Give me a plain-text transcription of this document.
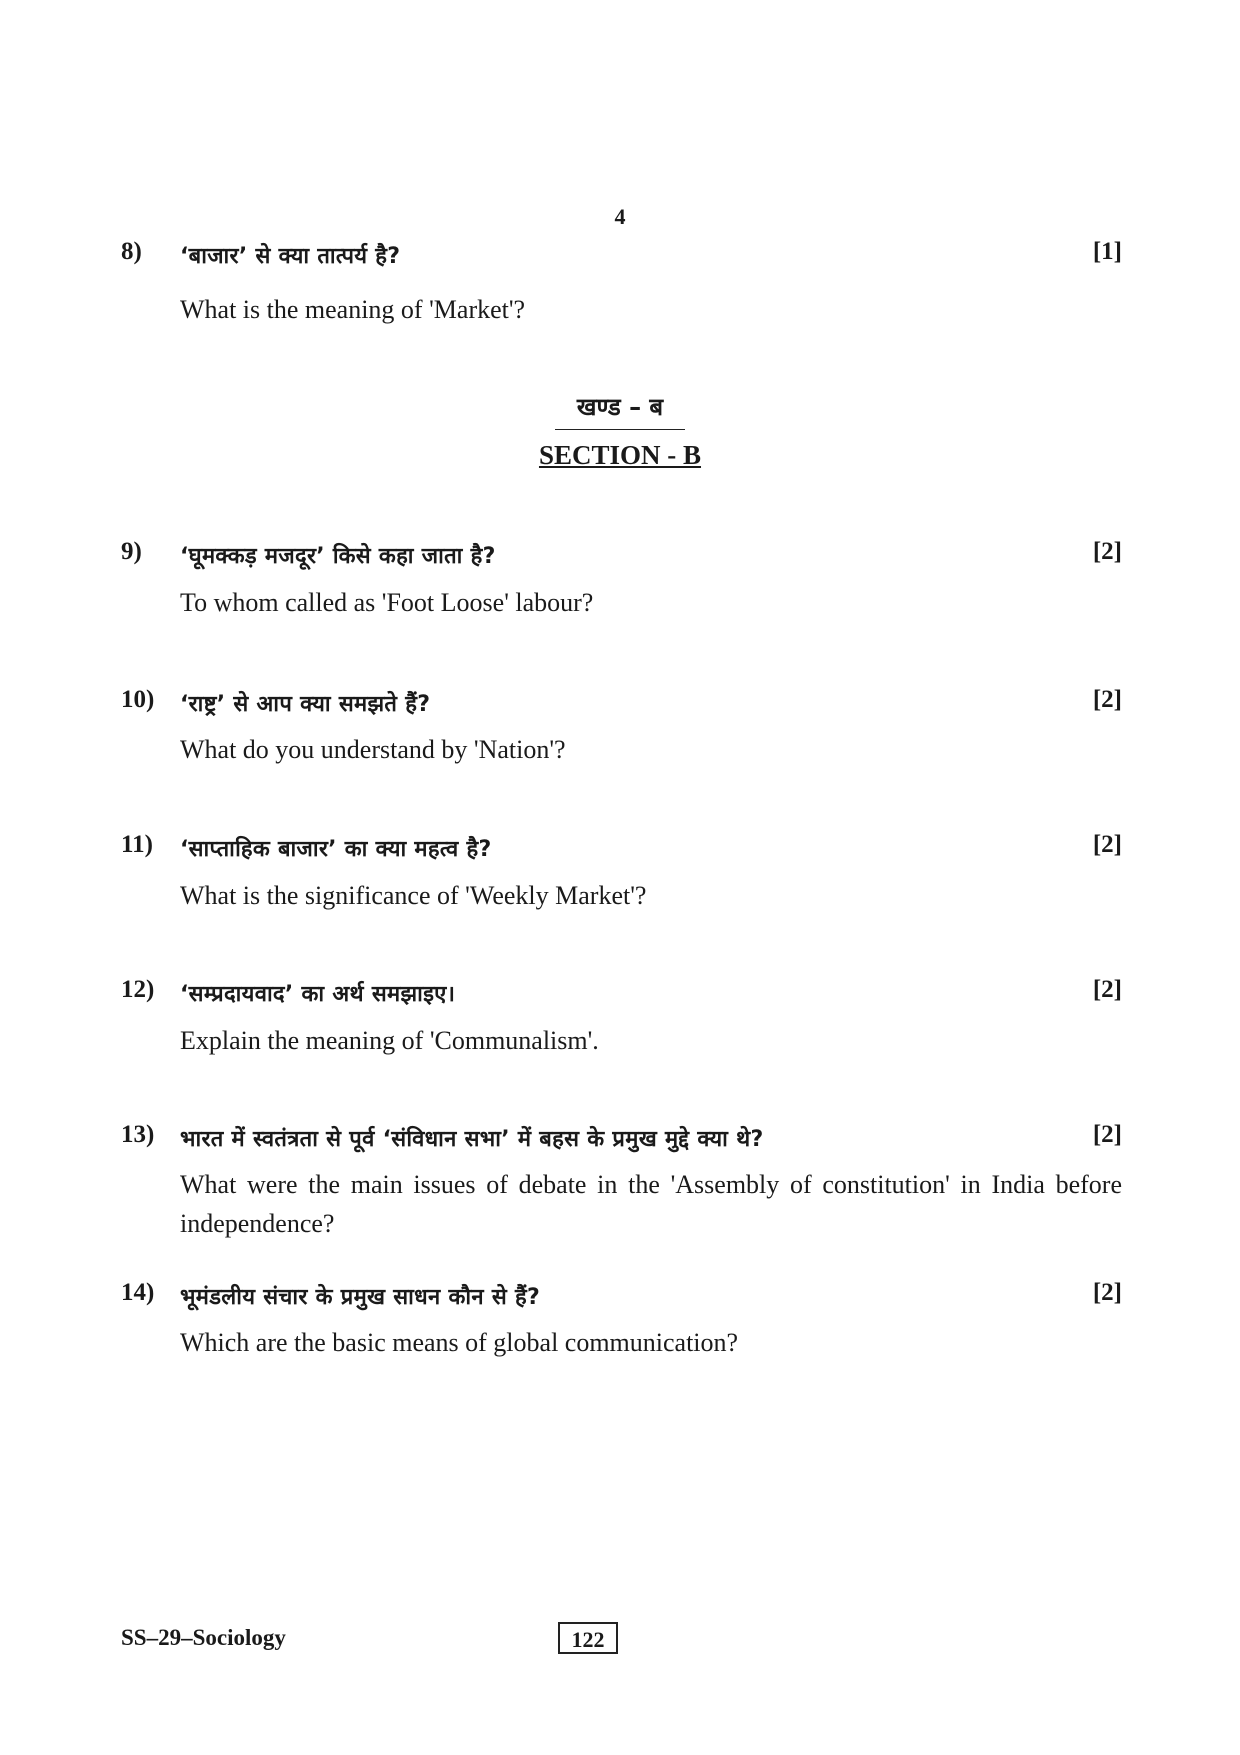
4
8) ‘बाजार’ से क्या तात्पर्य है?	[1]
What is the meaning of 'Market'?
खण्ड – ब
SECTION - B
9) ‘घूमक्कड़ मजदूर’ किसे कहा जाता है?	[2]
To whom called as 'Foot Loose' labour?
10) ‘राष्ट्र’ से आप क्या समझते हैं?	[2]
What do you understand by 'Nation'?
11) ‘साप्ताहिक बाजार’ का क्या महत्व है?	[2]
What is the significance of 'Weekly Market'?
12) ‘सम्प्रदायवाद’ का अर्थ समझाइए।	[2]
Explain the meaning of 'Communalism'.
13) भारत में स्वतंत्रता से पूर्व ‘संविधान सभा’ में बहस के प्रमुख मुद्दे क्या थे?	[2]
What were the main issues of debate in the 'Assembly of constitution' in India before independence?
14) भूमंडलीय संचार के प्रमुख साधन कौन से हैं?	[2]
Which are the basic means of global communication?
SS–29–Sociology	122
